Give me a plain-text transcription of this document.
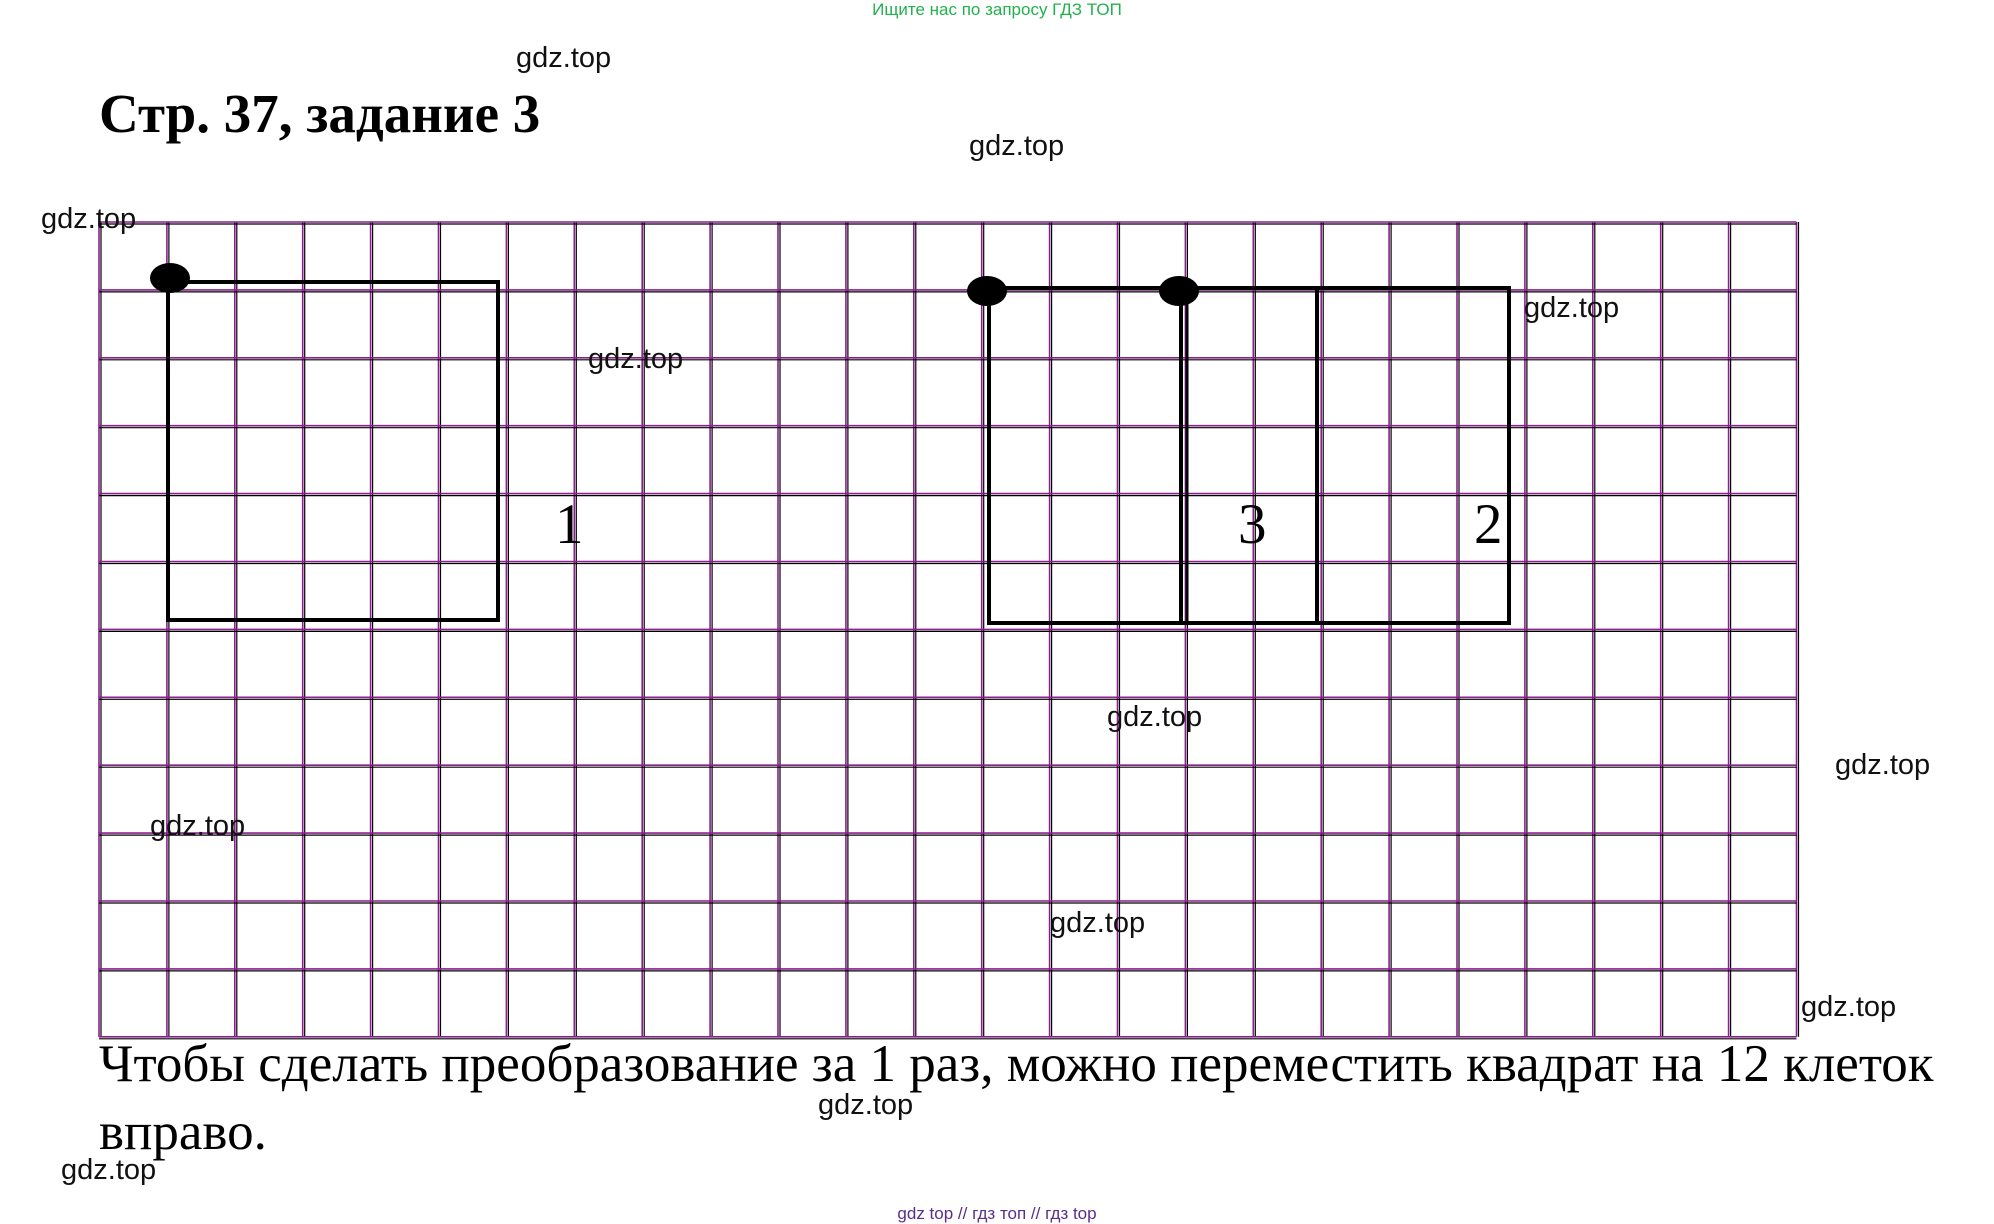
Ищите нас по запросу ГДЗ ТОП
Стр. 37, задание 3
1	3	2
gdz.top
gdz.top
gdz.top
gdz.top
gdz.top
gdz.top
gdz.top
gdz.top
gdz.top
gdz.top
gdz.top
gdz.top
Чтобы сделать преобразование за 1 раз, можно переместить квадрат на 12 клеток вправо.
gdz top // гдз топ // гдз top
